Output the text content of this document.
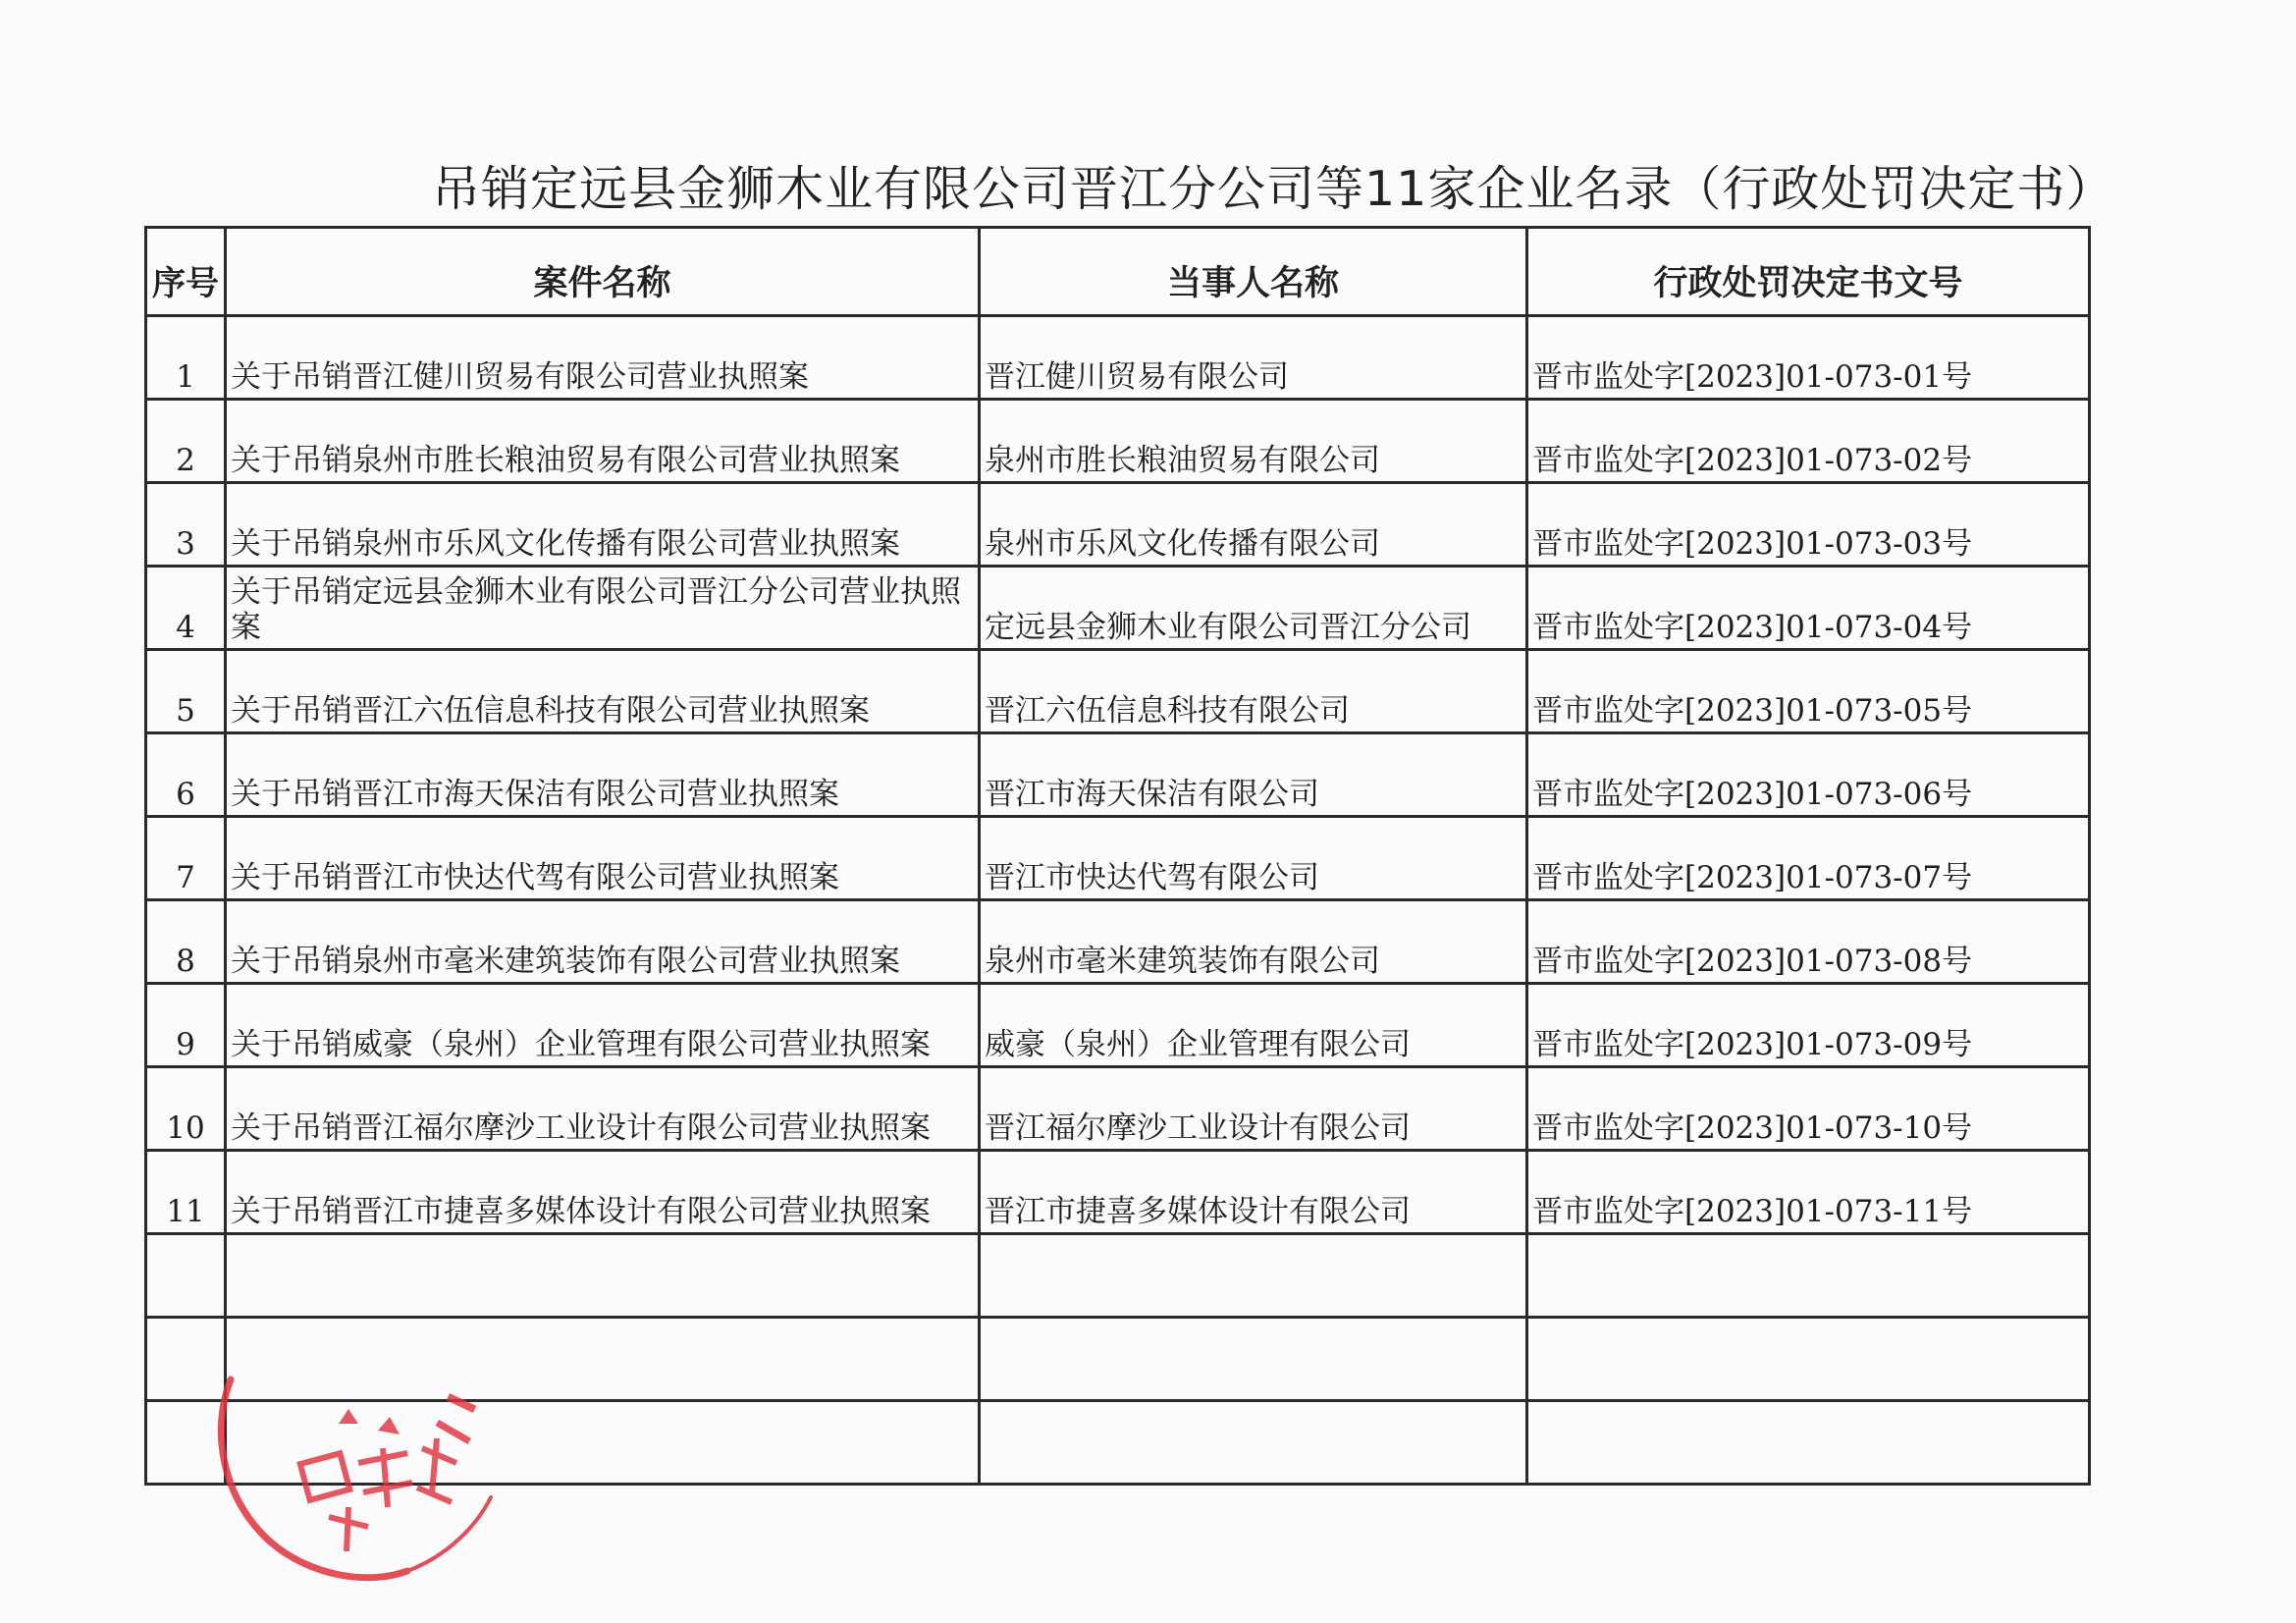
吊销定远县金狮木业有限公司晋江分公司等11家企业名录（行政处罚决定书）
序号	案件名称	当事人名称	行政处罚决定书文号
1	关于吊销晋江健川贸易有限公司营业执照案	晋江健川贸易有限公司	晋市监处字[2023]01-073-01号
2	关于吊销泉州市胜长粮油贸易有限公司营业执照案	泉州市胜长粮油贸易有限公司	晋市监处字[2023]01-073-02号
3	关于吊销泉州市乐风文化传播有限公司营业执照案	泉州市乐风文化传播有限公司	晋市监处字[2023]01-073-03号
4	关于吊销定远县金狮木业有限公司晋江分公司营业执照案	定远县金狮木业有限公司晋江分公司	晋市监处字[2023]01-073-04号
5	关于吊销晋江六伍信息科技有限公司营业执照案	晋江六伍信息科技有限公司	晋市监处字[2023]01-073-05号
6	关于吊销晋江市海天保洁有限公司营业执照案	晋江市海天保洁有限公司	晋市监处字[2023]01-073-06号
7	关于吊销晋江市快达代驾有限公司营业执照案	晋江市快达代驾有限公司	晋市监处字[2023]01-073-07号
8	关于吊销泉州市毫米建筑装饰有限公司营业执照案	泉州市毫米建筑装饰有限公司	晋市监处字[2023]01-073-08号
9	关于吊销威豪（泉州）企业管理有限公司营业执照案	威豪（泉州）企业管理有限公司	晋市监处字[2023]01-073-09号
10	关于吊销晋江福尔摩沙工业设计有限公司营业执照案	晋江福尔摩沙工业设计有限公司	晋市监处字[2023]01-073-10号
11	关于吊销晋江市捷喜多媒体设计有限公司营业执照案	晋江市捷喜多媒体设计有限公司	晋市监处字[2023]01-073-11号
